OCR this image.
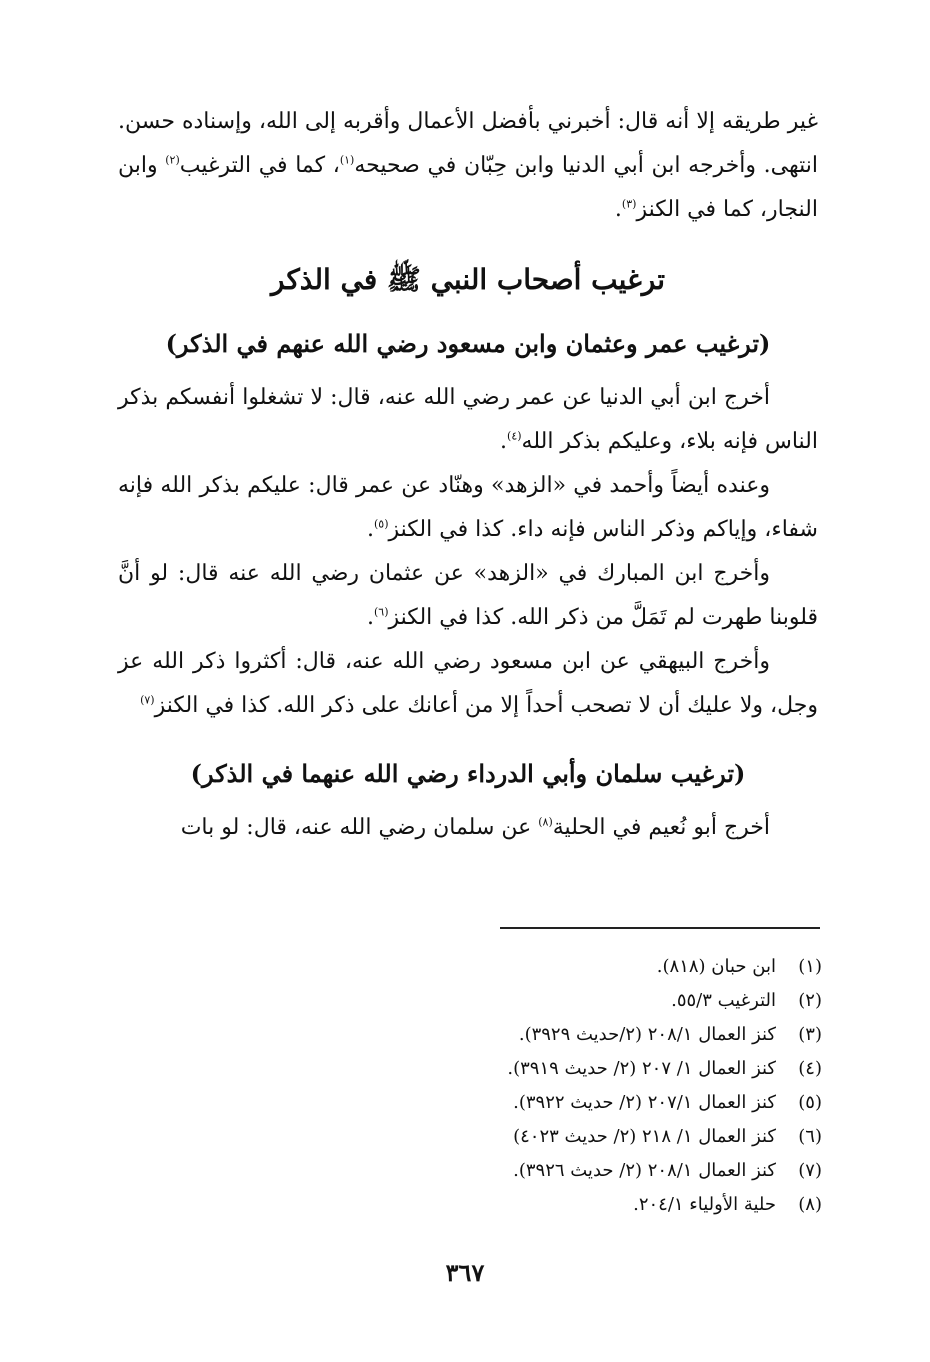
غير طريقه إلا أنه قال: أخبرني بأفضل الأعمال وأقربه إلى الله، وإسناده حسن. انتهى. وأخرجه ابن أبي الدنيا وابن حِبّان في صحيحه$^{(١)}$، كما في الترغيب$^{(٢)}$ وابن النجار، كما في الكنز$^{(٣)}$.

ترغيب أصحاب النبي ﷺ في الذكر
(ترغيب عمر وعثمان وابن مسعود رضي الله عنهم في الذكر)

أخرج ابن أبي الدنيا عن عمر رضي الله عنه، قال: لا تشغلوا أنفسكم بذكر الناس فإنه بلاء، وعليكم بذكر الله$^{(٤)}$.

وعنده أيضاً وأحمد في «الزهد» وهنّاد عن عمر قال: عليكم بذكر الله فإنه شفاء، وإياكم وذكر الناس فإنه داء. كذا في الكنز$^{(٥)}$.

وأخرج ابن المبارك في «الزهد» عن عثمان رضي الله عنه قال: لو أنَّ قلوبنا طهرت لم تَمَلَّ من ذكر الله. كذا في الكنز$^{(٦)}$.

وأخرج البيهقي عن ابن مسعود رضي الله عنه، قال: أكثروا ذكر الله عز وجل، ولا عليك أن لا تصحب أحداً إلا من أعانك على ذكر الله. كذا في الكنز$^{(٧)}$

(ترغيب سلمان وأبي الدرداء رضي الله عنهما في الذكر)

أخرج أبو نُعيم في الحلية$^{(٨)}$ عن سلمان رضي الله عنه، قال: لو بات

(١)
ابن حبان (٨١٨).
(٢)
الترغيب ٥٥/٣.
(٣)
كنز العمال ٢٠٨/١ (٢/حديث ٣٩٢٩).
(٤)
كنز العمال ١/ ٢٠٧ (٢/ حديث ٣٩١٩).
(٥)
كنز العمال ٢٠٧/١ (٢/ حديث ٣٩٢٢).
(٦)
كنز العمال ١/ ٢١٨ (٢/ حديث ٤٠٢٣)
(٧)
كنز العمال ٢٠٨/١ (٢/ حديث ٣٩٢٦).
(٨)
حلية الأولياء ٢٠٤/١.
٣٦٧
